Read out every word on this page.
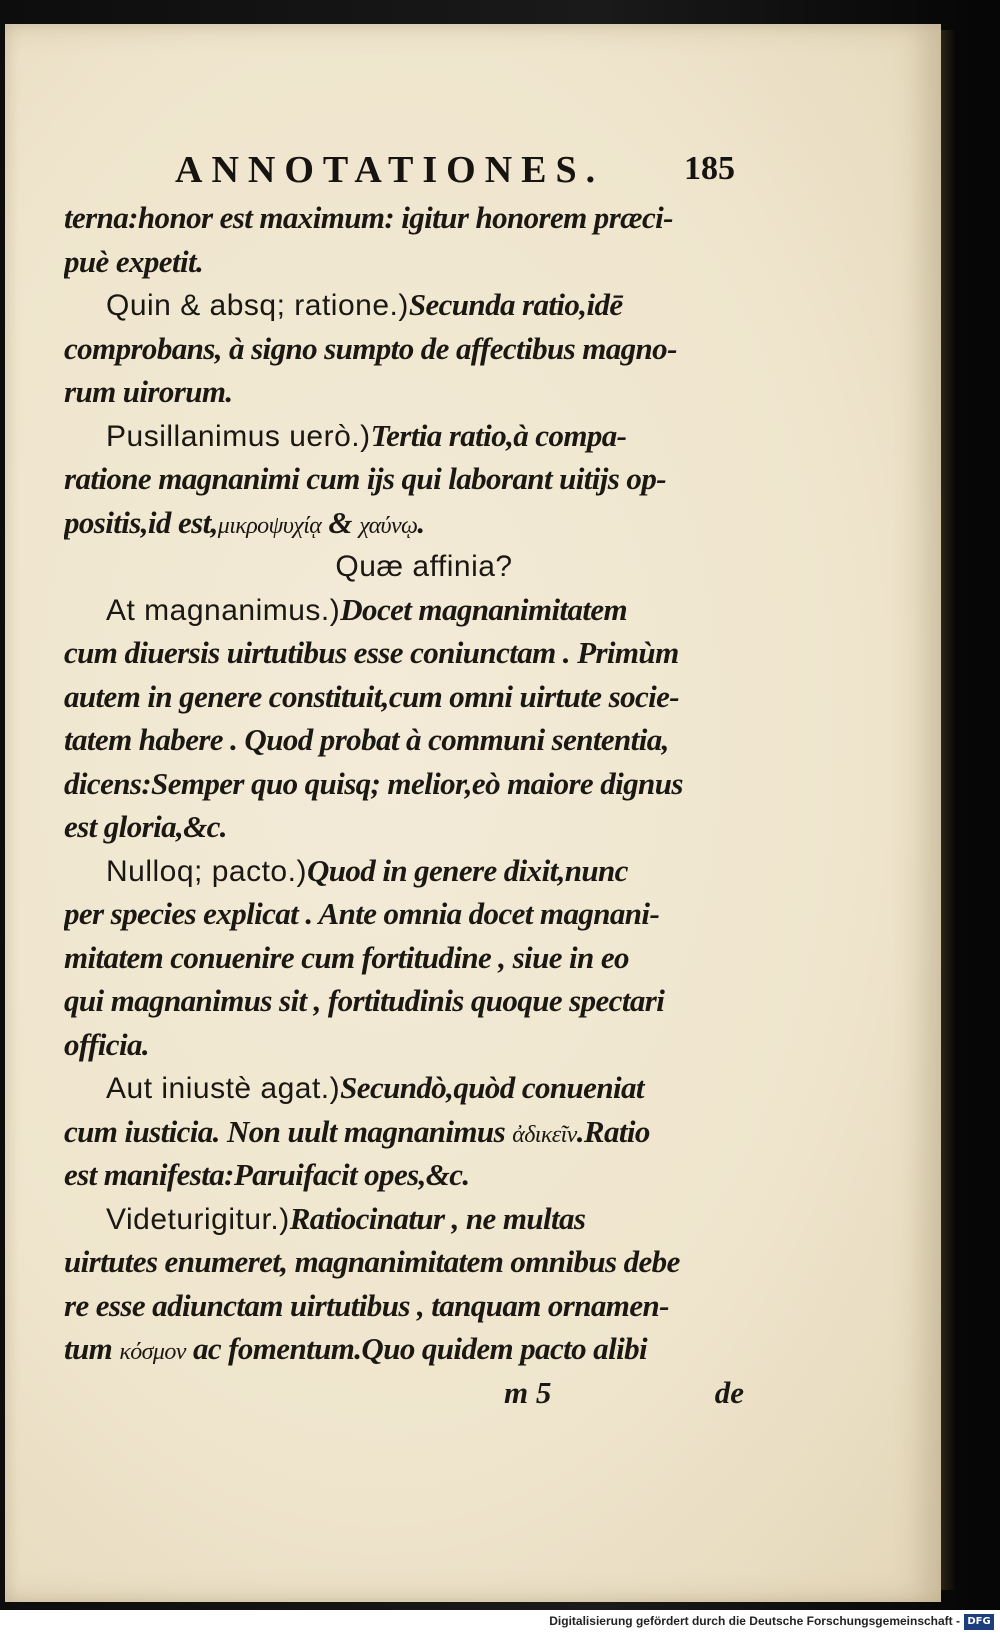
ANNOTATIONES. 185
terna:honor est maximum: igitur honorem præci-
puè expetit.
Quin & absq; ratione.)Secunda ratio,idē
comprobans, à signo sumpto de affectibus magno-
rum uirorum.
Pusillanimus uerò.)Tertia ratio,à compa-
ratione magnanimi cum ijs qui laborant uitijs op-
positis,id est,μικροψυχίᾳ & χαύνῳ.
Quæ affinia?
At magnanimus.)Docet magnanimitatem
cum diuersis uirtutibus esse coniunctam . Primùm
autem in genere constituit,cum omni uirtute socie-
tatem habere . Quod probat à communi sententia,
dicens:Semper quo quisq; melior,eò maiore dignus
est gloria,&c.
Nulloq; pacto.)Quod in genere dixit,nunc
per species explicat . Ante omnia docet magnani-
mitatem conuenire cum fortitudine , siue in eo
qui magnanimus sit , fortitudinis quoque spectari
officia.
Aut iniustè agat.)Secundò,quòd conueniat
cum iusticia. Non uult magnanimus ἀδικεῖν.Ratio
est manifesta:Paruifacit opes,&c.
Videturigitur.)Ratiocinatur , ne multas
uirtutes enumeret, magnanimitatem omnibus debe
re esse adiunctam uirtutibus , tanquam ornamen-
tum κόσμον ac fomentum.Quo quidem pacto alibi
m 5	de
Digitalisierung gefördert durch die Deutsche Forschungsgemeinschaft - DFG
